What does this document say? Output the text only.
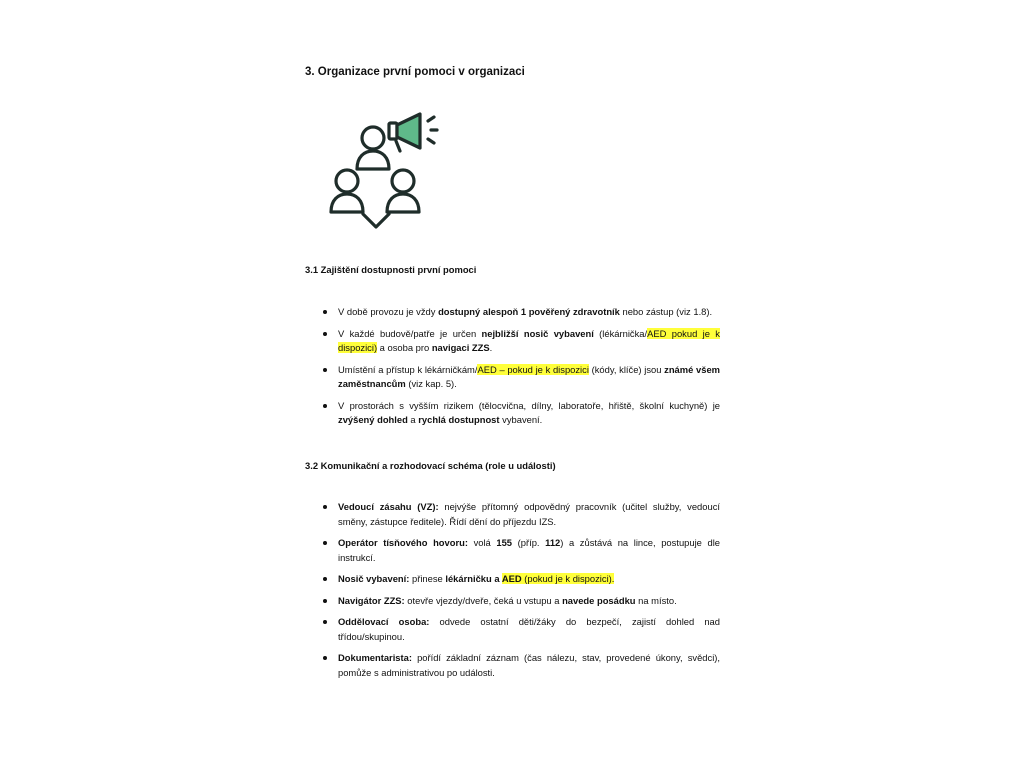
3. Organizace první pomoci v organizaci
3.1 Zajištění dostupnosti první pomoci
V době provozu je vždy dostupný alespoň 1 pověřený zdravotník nebo zástup (viz 1.8).
V každé budově/patře je určen nejbližší nosič vybavení (lékárnička/AED pokud je k dispozici) a osoba pro navigaci ZZS.
Umístění a přístup k lékárničkám/AED – pokud je k dispozici (kódy, klíče) jsou známé všem zaměstnancům (viz kap. 5).
V prostorách s vyšším rizikem (tělocvična, dílny, laboratoře, hřiště, školní kuchyně) je zvýšený dohled a rychlá dostupnost vybavení.
3.2 Komunikační a rozhodovací schéma (role u události)
Vedoucí zásahu (VZ): nejvýše přítomný odpovědný pracovník (učitel služby, vedoucí směny, zástupce ředitele). Řídí dění do příjezdu IZS.
Operátor tísňového hovoru: volá 155 (příp. 112) a zůstává na lince, postupuje dle instrukcí.
Nosič vybavení: přinese lékárničku a AED (pokud je k dispozici).
Navigátor ZZS: otevře vjezdy/dveře, čeká u vstupu a navede posádku na místo.
Oddělovací osoba: odvede ostatní děti/žáky do bezpečí, zajistí dohled nad třídou/skupinou.
Dokumentarista: pořídí základní záznam (čas nálezu, stav, provedené úkony, svědci), pomůže s administrativou po události.
